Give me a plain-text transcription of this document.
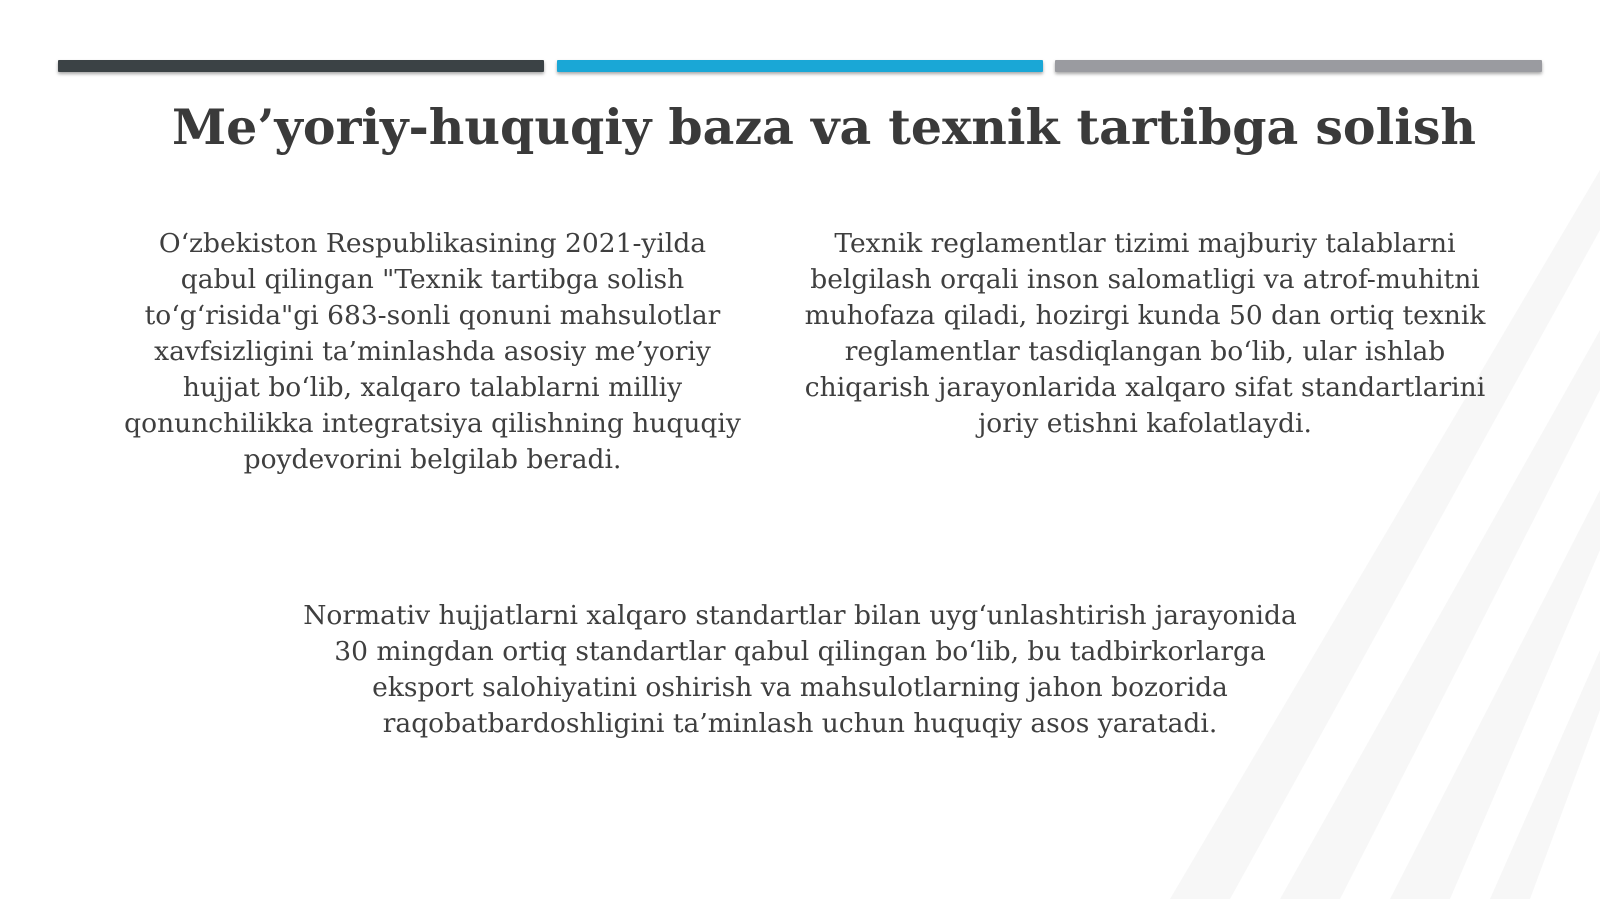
Me’yoriy-huquqiy baza va texnik tartibga solish
O‘zbekiston Respublikasining 2021-yilda qabul qilingan "Texnik tartibga solish to‘g‘risida"gi 683-sonli qonuni mahsulotlar xavfsizligini ta’minlashda asosiy me’yoriy hujjat bo‘lib, xalqaro talablarni milliy qonunchilikka integratsiya qilishning huquqiy poydevorini belgilab beradi.
Texnik reglamentlar tizimi majburiy talablarni belgilash orqali inson salomatligi va atrof-muhitni muhofaza qiladi, hozirgi kunda 50 dan ortiq texnik reglamentlar tasdiqlangan bo‘lib, ular ishlab chiqarish jarayonlarida xalqaro sifat standartlarini joriy etishni kafolatlaydi.
Normativ hujjatlarni xalqaro standartlar bilan uyg‘unlashtirish jarayonida 30 mingdan ortiq standartlar qabul qilingan bo‘lib, bu tadbirkorlarga eksport salohiyatini oshirish va mahsulotlarning jahon bozorida raqobatbardoshligini ta’minlash uchun huquqiy asos yaratadi.
